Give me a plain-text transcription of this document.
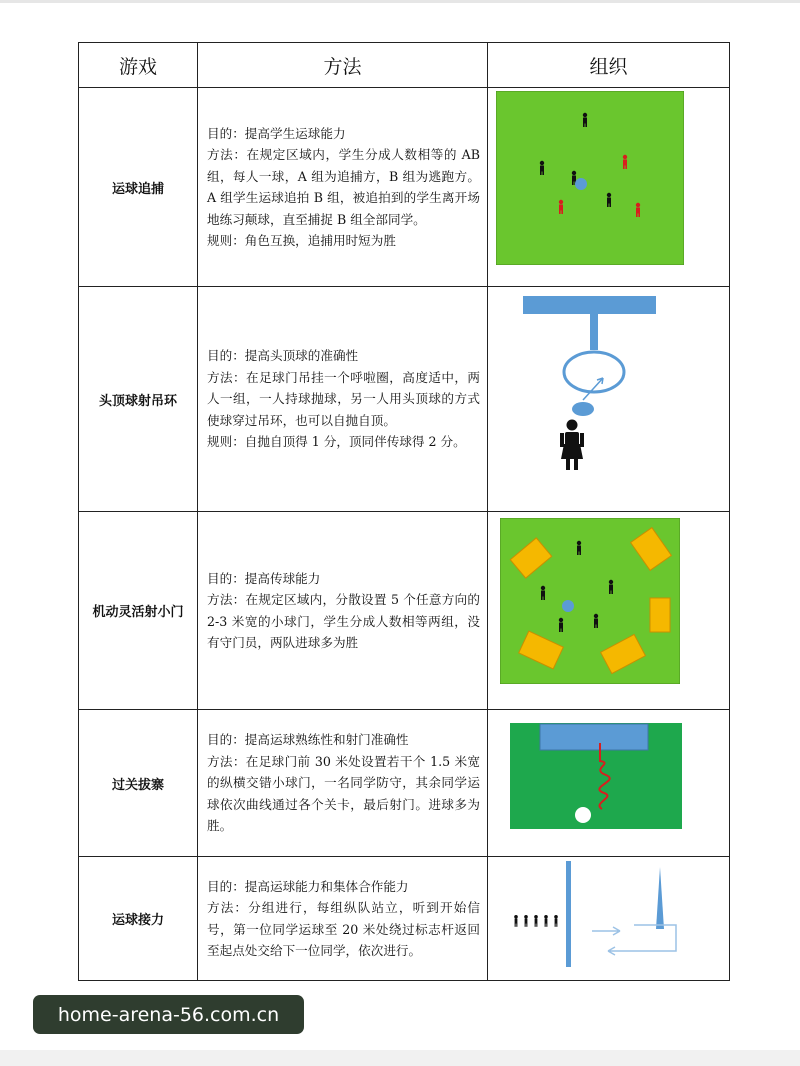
游戏	方法	组织
运球追捕	目的：提高学生运球能力
方法：在规定区域内，学生分成人数相等的 AB 组，每人一球，A 组为追捕方，B 组为逃跑方。A 组学生运球追拍 B 组，被追拍到的学生离开场地练习颠球，直至捕捉 B 组全部同学。
规则：角色互换，追捕用时短为胜

头顶球射吊环	目的：提高头顶球的准确性
方法：在足球门吊挂一个呼啦圈，高度适中，两人一组，一人持球抛球，另一人用头顶球的方式使球穿过吊环，也可以自抛自顶。
规则：自抛自顶得 1 分，顶同伴传球得 2 分。

机动灵活射小门	目的：提高传球能力
方法：在规定区域内，分散设置 5 个任意方向的 2-3 米宽的小球门，学生分成人数相等两组，没有守门员，两队进球多为胜

过关拔寨	目的：提高运球熟练性和射门准确性
方法：在足球门前 30 米处设置若干个 1.5 米宽的纵横交错小球门，一名同学防守，其余同学运球依次曲线通过各个关卡，最后射门。进球多为胜。

运球接力	目的：提高运球能力和集体合作能力
方法：分组进行，每组纵队站立，听到开始信号，第一位同学运球至 20 米处绕过标志杆返回至起点处交给下一位同学，依次进行。

home-arena-56.com.cn
